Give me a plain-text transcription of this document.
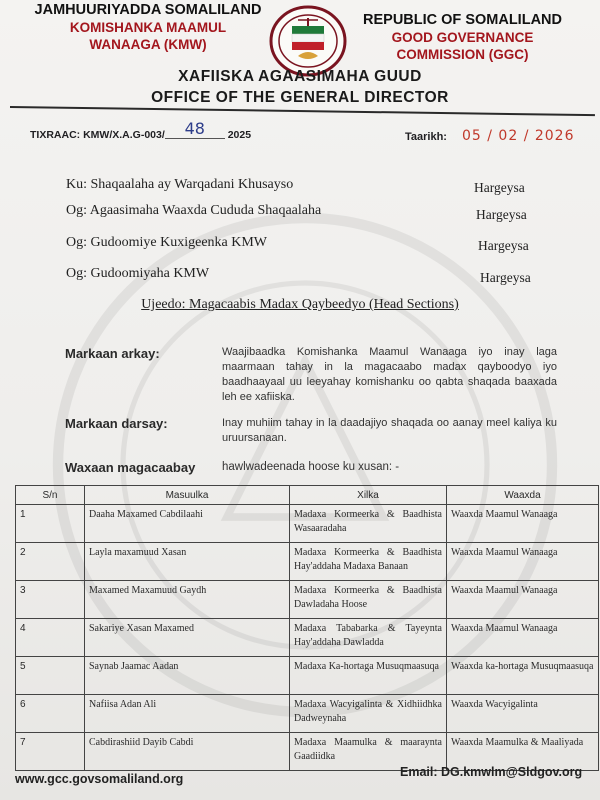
JAMHUURIYADDA SOMALILAND
KOMISHANKA MAAMUL
WANAAGA (KMW)
REPUBLIC OF SOMALILAND
GOOD GOVERNANCE
COMMISSION (GGC)
XAFIISKA AGAASIMAHA GUUD
OFFICE OF THE GENERAL DIRECTOR
TIXRAAC: KMW/X.A.G-003/ 48 2025	Taarikh: 05 / 02 / 2026
Ku: Shaqaalaha ay Warqadani Khusayso	Hargeysa
Og: Agaasimaha Waaxda Cududa Shaqaalaha	Hargeysa
Og: Gudoomiye Kuxigeenka KMW	Hargeysa
Og: Gudoomiyaha KMW	Hargeysa
Ujeedo: Magacaabis Madax Qaybeedyo (Head Sections)
Markaan arkay:	Waajibaadka Komishanka Maamul Wanaaga iyo inay laga maarmaan tahay in la magacaabo madax qayboodyo iyo baadhaayaal uu leeyahay komishanku oo qabta shaqada baaxada leh ee xafiiska.
Markaan darsay:	Inay muhiim tahay in la daadajiyo shaqada oo aanay meel kaliya ku uruursanaan.
Waxaan magacaabay hawlwadeenada hoose ku xusan: -
S/n	Masuulka	Xilka	Waaxda
1	Daaha Maxamed Cabdilaahi	Madaxa Kormeerka & Baadhista Wasaaradaha	Waaxda Maamul Wanaaga
2	Layla maxamuud Xasan	Madaxa Kormeerka & Baadhista Hay'addaha Madaxa Banaan	Waaxda Maamul Wanaaga
3	Maxamed Maxamuud Gaydh	Madaxa Kormeerka & Baadhista Dawladaha Hoose	Waaxda Maamul Wanaaga
4	Sakariye Xasan Maxamed	Madaxa Tababarka & Tayeynta Hay'addaha Dawladda	Waaxda Maamul Wanaaga
5	Saynab Jaamac Aadan	Madaxa Ka-hortaga Musuqmaasuqa	Waaxda ka-hortaga Musuqmaasuqa
6	Nafiisa Adan Ali	Madaxa Wacyigalinta & Xidhiidhka Dadweynaha	Waaxda Wacyigalinta
7	Cabdirashiid Dayib Cabdi	Madaxa Maamulka & maaraynta Gaadiidka	Waaxda Maamulka & Maaliyada
www.gcc.govsomaliland.org	Email: DG.kmwlm@Sldgov.org
